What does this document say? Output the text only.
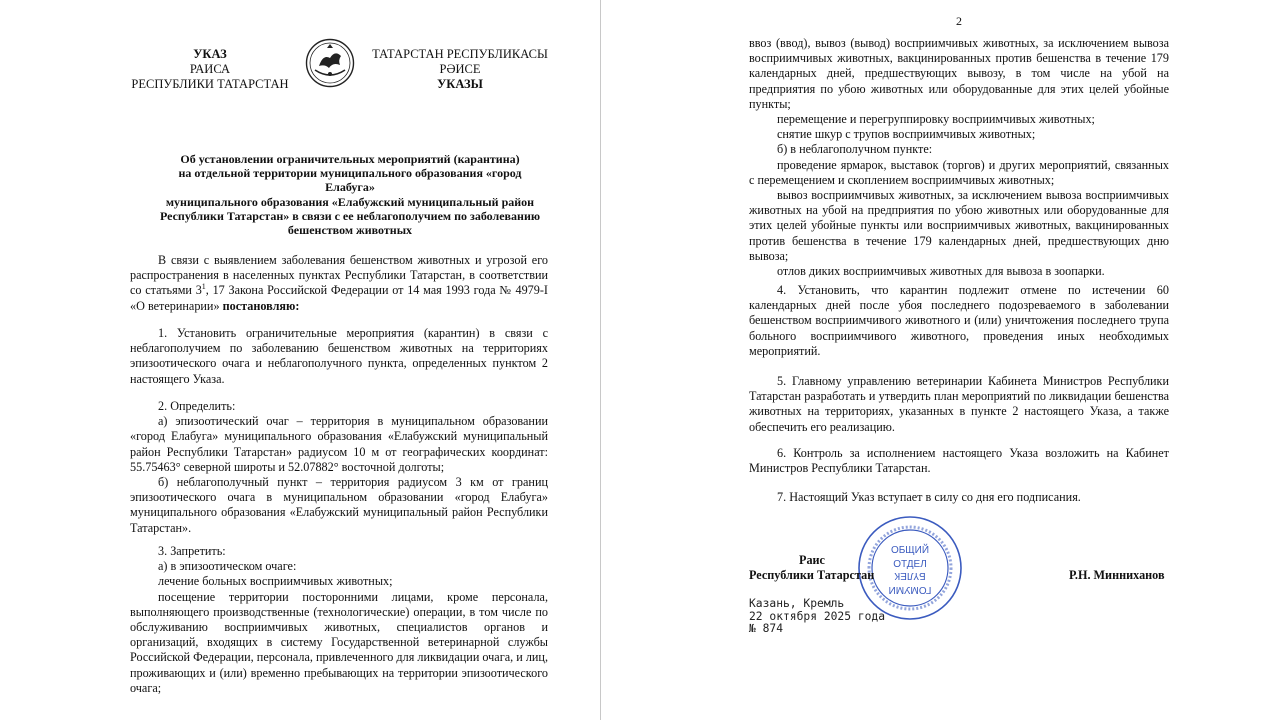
УКАЗ
РАИСА
РЕСПУБЛИКИ ТАТАРСТАН
ТАТАРСТАН РЕСПУБЛИКАСЫ
РӘИСЕ
УКАЗЫ
Об установлении ограничительных мероприятий (карантина)
на отдельной территории муниципального образования «город Елабуга»
муниципального образования «Елабужский муниципальный район
Республики Татарстан» в связи с ее неблагополучием по заболеванию
бешенством животных

В связи с выявлением заболевания бешенством животных и угрозой его распространения в населенных пунктах Республики Татарстан, в соответствии со статьями $3^1$, 17 Закона Российской Федерации от 14 мая 1993 года № 4979-I «О ветеринарии» постановляю:

1. Установить ограничительные мероприятия (карантин) в связи с неблагополучием по заболеванию бешенством животных на территориях эпизоотического очага и неблагополучного пункта, определенных пунктом 2 настоящего Указа.

2. Определить:

а) эпизоотический очаг – территория в муниципальном образовании «город Елабуга» муниципального образования «Елабужский муниципальный район Республики Татарстан» радиусом 10 м от географических координат: 55.75463° северной широты и 52.07882° восточной долготы;

б) неблагополучный пункт – территория радиусом 3 км от границ эпизоотического очага в муниципальном образовании «город Елабуга» муниципального образования «Елабужский муниципальный район Республики Татарстан».

3. Запретить:

а) в эпизоотическом очаге:

лечение больных восприимчивых животных;

посещение территории посторонними лицами, кроме персонала, выполняющего производственные (технологические) операции, в том числе по обслуживанию восприимчивых животных, специалистов органов и организаций, входящих в систему Государственной ветеринарной службы Российской Федерации, персонала, привлеченного для ликвидации очага, и лиц, проживающих и (или) временно пребывающих на территории эпизоотического очага;

2

ввоз (ввод), вывоз (вывод) восприимчивых животных, за исключением вывоза восприимчивых животных, вакцинированных против бешенства в течение 179 календарных дней, предшествующих вывозу, в том числе на убой на предприятия по убою животных или оборудованные для этих целей убойные пункты;

перемещение и перегруппировку восприимчивых животных;

снятие шкур с трупов восприимчивых животных;

б) в неблагополучном пункте:

проведение ярмарок, выставок (торгов) и других мероприятий, связанных с перемещением и скоплением восприимчивых животных;

вывоз восприимчивых животных, за исключением вывоза восприимчивых животных на убой на предприятия по убою животных или оборудованные для этих целей убойные пункты или восприимчивых животных, вакцинированных против бешенства в течение 179 календарных дней, предшествующих дню вывоза;

отлов диких восприимчивых животных для вывоза в зоопарки.

4. Установить, что карантин подлежит отмене по истечении 60 календарных дней после убоя последнего подозреваемого в заболевании бешенством восприимчивого животного и (или) уничтожения последнего трупа больного восприимчивого животного, проведения иных необходимых мероприятий.

5. Главному управлению ветеринарии Кабинета Министров Республики Татарстан разработать и утвердить план мероприятий по ликвидации бешенства животных на территориях, указанных в пункте 2 настоящего Указа, а также обеспечить его реализацию.

6. Контроль за исполнением настоящего Указа возложить на Кабинет Министров Республики Татарстан.

7. Настоящий Указ вступает в силу со дня его подписания.

ОБЩИЙ
ОТДЕЛ
ГОМУМИ
БҮЛЕК
Раис
Республики Татарстан	Р.Н. Минниханов
Казань, Кремль
22 октября 2025 года
№ 874
